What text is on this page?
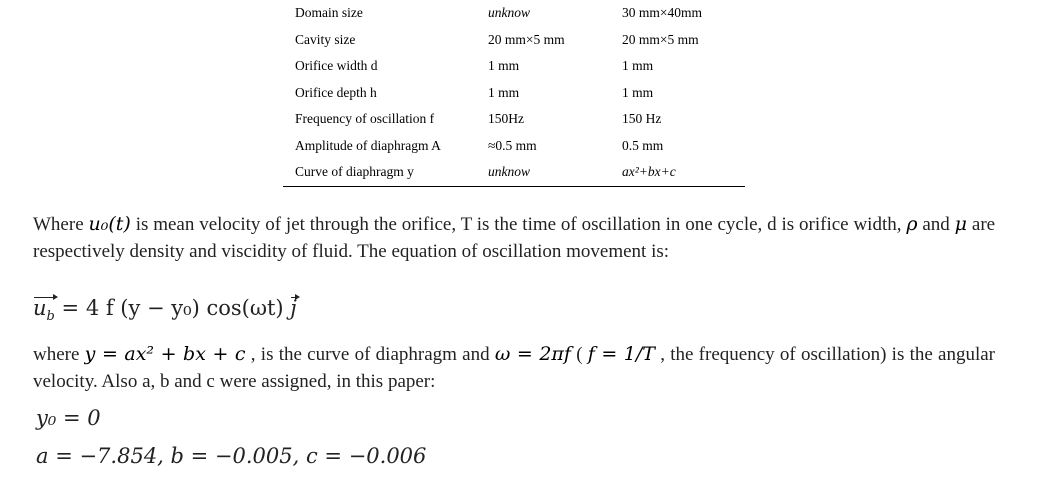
Domain size	unknow	30 mm×40mm
Cavity size	20 mm×5 mm	20 mm×5 mm
Orifice width d	1 mm	1 mm
Orifice depth h	1 mm	1 mm
Frequency of oscillation f	150Hz	150 Hz
Amplitude of diaphragm A	≈0.5 mm	0.5 mm
Curve of diaphragm y	unknow	ax²+bx+c
Where u₀(t) is mean velocity of jet through the orifice, T is the time of oscillation in one cycle, d is orifice width, ρ and μ are respectively density and viscidity of fluid. The equation of oscillation movement is:
$u_b = 4$ f (y − y₀) cos(ωt) j
where y = ax² + bx + c , is the curve of diaphragm and ω = 2πf ( f = 1/T , the frequency of oscillation) is the angular velocity. Also a, b and c were assigned, in this paper:
y₀ = 0
a = −7.854, b = −0.005, c = −0.006
